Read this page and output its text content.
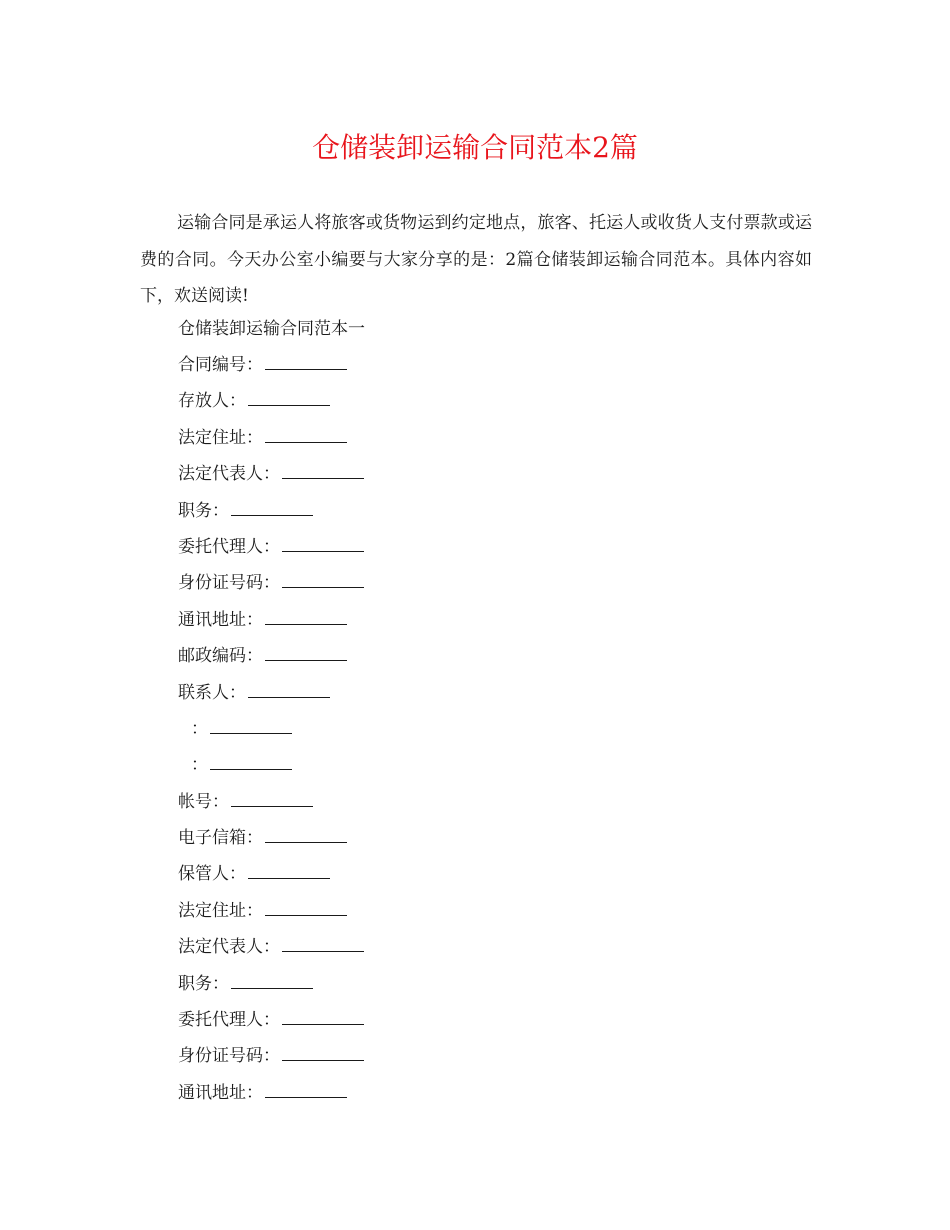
仓储装卸运输合同范本2篇

运输合同是承运人将旅客或货物运到约定地点，旅客、托运人或收货人支付票款或运费的合同。今天办公室小编要与大家分享的是：2篇仓储装卸运输合同范本。具体内容如下，欢送阅读!

仓储装卸运输合同范本一

合同编号：
存放人：
法定住址：
法定代表人：
职务：
委托代理人：
身份证号码：
通讯地址：
邮政编码：
联系人：
：
：
帐号：
电子信箱：
保管人：
法定住址：
法定代表人：
职务：
委托代理人：
身份证号码：
通讯地址：
